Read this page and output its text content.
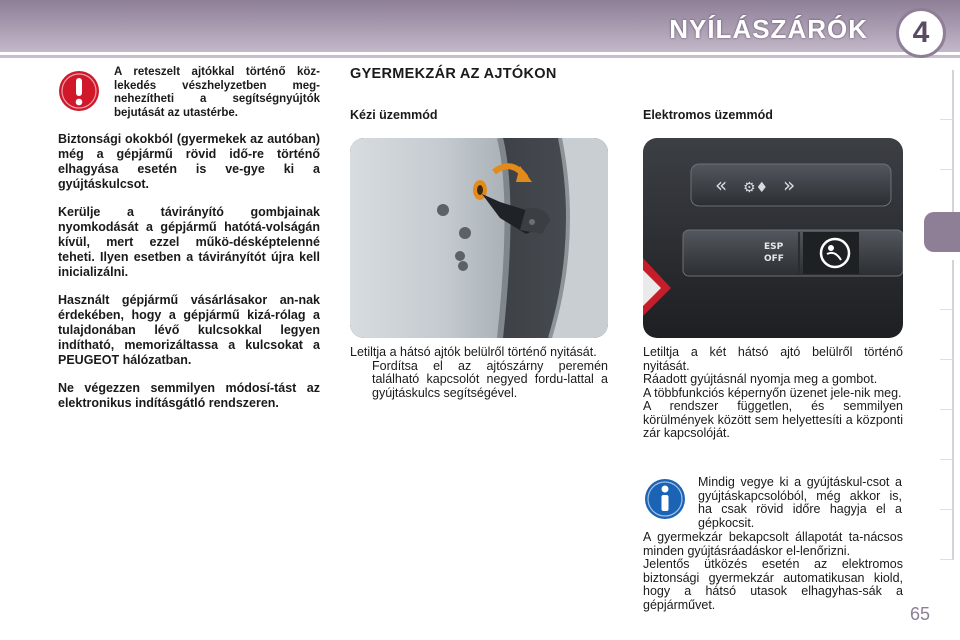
NYÍLÁSZÁRÓK	4
A reteszelt ajtókkal történő köz-lekedés vészhelyzetben meg-nehezítheti a segítségnyújtók bejutását az utastérbe.

Biztonsági okokból (gyermekek az autóban) még a gépjármű rövid idő-re történő elhagyása esetén is ve-gye ki a gyújtáskulcsot.

Kerülje a távirányító gombjainak nyomkodását a gépjármű hatótá-volságán kívül, mert ezzel műkö-désképtelenné teheti. Ilyen esetben a távirányítót újra kell inicializálni.

Használt gépjármű vásárlásakor an-nak érdekében, hogy a gépjármű kizá-rólag a tulajdonában lévő kulcsokkal legyen indítható, memorizáltassa a kulcsokat a PEUGEOT hálózatban.

Ne végezzen semmilyen módosí-tást az elektronikus indításgátló rendszeren.

GYERMEKZÁR AZ AJTÓKON
Kézi üzemmód

Letiltja a hátsó ajtók belülről történő nyitását.

Fordítsa el az ajtószárny peremén található kapcsolót negyed fordu-lattal a gyújtáskulcs segítségével.
Elektromos üzemmód
« ⚙♦ »
ESP
OFF

Letiltja a két hátsó ajtó belülről történő nyitását.

Ráadott gyújtásnál nyomja meg a gombot.

A többfunkciós képernyőn üzenet jele-nik meg.

A rendszer független, és semmilyen körülmények között sem helyettesíti a központi zár kapcsolóját.

Mindig vegye ki a gyújtáskul-csot a gyújtáskapcsolóból, még akkor is, ha csak rövid időre hagyja el a gépkocsit.

A gyermekzár bekapcsolt állapotát ta-nácsos minden gyújtásráadáskor el-lenőrizni.

Jelentős ütközés esetén az elektromos biztonsági gyermekzár automatikusan kiold, hogy a hátsó utasok elhagyhas-sák a gépjárművet.	65
